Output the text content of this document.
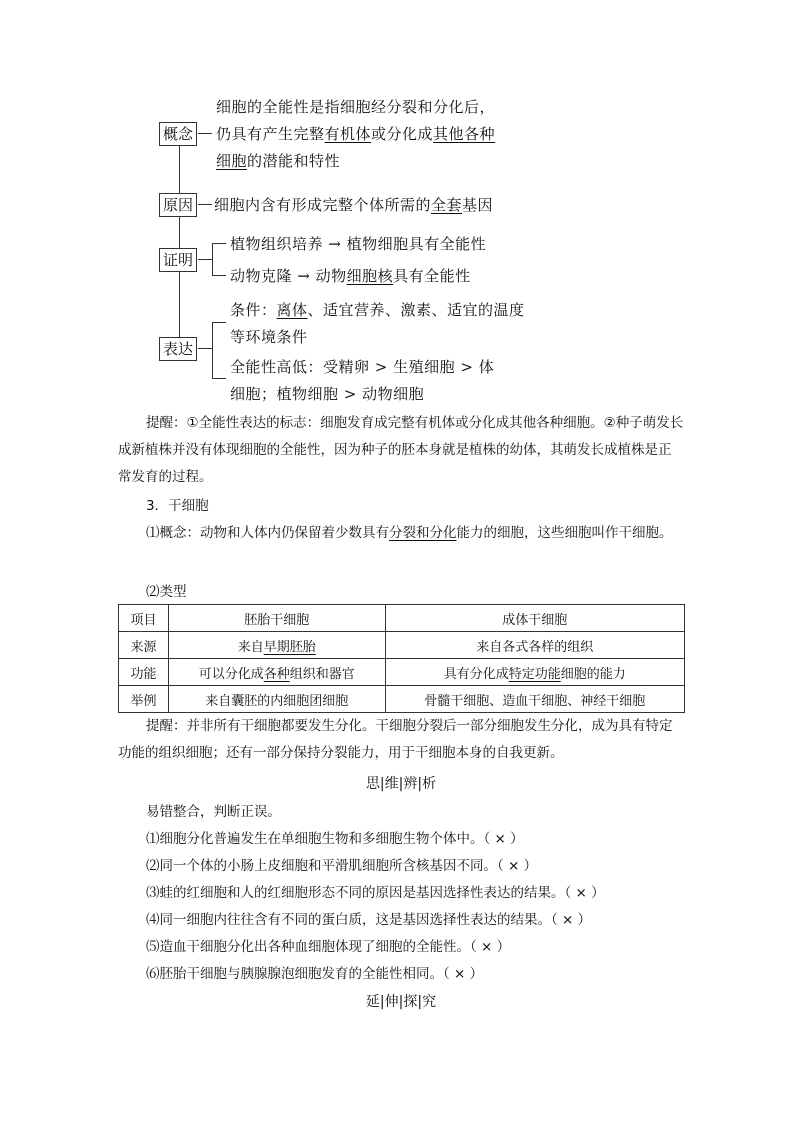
概念
细胞的全能性是指细胞经分裂和分化后，
仍具有产生完整有机体或分化成其他各种
细胞的潜能和特性
原因 细胞内含有形成完整个体所需的全套基因
证明
植物组织培养 → 植物细胞具有全能性
动物克隆 → 动物细胞核具有全能性
表达
条件：离体、适宜营养、激素、适宜的温度
等环境条件
全能性高低：受精卵 > 生殖细胞 > 体
细胞；植物细胞 > 动物细胞
提醒：①全能性表达的标志：细胞发育成完整有机体或分化成其他各种细胞。②种子萌发长成新植株并没有体现细胞的全能性，因为种子的胚本身就是植株的幼体，其萌发长成植株是正常发育的过程。
3．干细胞
⑴概念：动物和人体内仍保留着少数具有分裂和分化能力的细胞，这些细胞叫作干细胞。
⑵类型
项目	胚胎干细胞	成体干细胞
来源	来自早期胚胎	来自各式各样的组织
功能	可以分化成各种组织和器官	具有分化成特定功能细胞的能力
举例	来自囊胚的内细胞团细胞	骨髓干细胞、造血干细胞、神经干细胞
提醒：并非所有干细胞都要发生分化。干细胞分裂后一部分细胞发生分化，成为具有特定功能的组织细胞；还有一部分保持分裂能力，用于干细胞本身的自我更新。
思|维|辨|析
易错整合，判断正误。
⑴细胞分化普遍发生在单细胞生物和多细胞生物个体中。（ × ）
⑵同一个体的小肠上皮细胞和平滑肌细胞所含核基因不同。（ × ）
⑶蛙的红细胞和人的红细胞形态不同的原因是基因选择性表达的结果。（ × ）
⑷同一细胞内往往含有不同的蛋白质，这是基因选择性表达的结果。（ × ）
⑸造血干细胞分化出各种血细胞体现了细胞的全能性。（ × ）
⑹胚胎干细胞与胰腺腺泡细胞发育的全能性相同。（ × ）
延|伸|探|究
